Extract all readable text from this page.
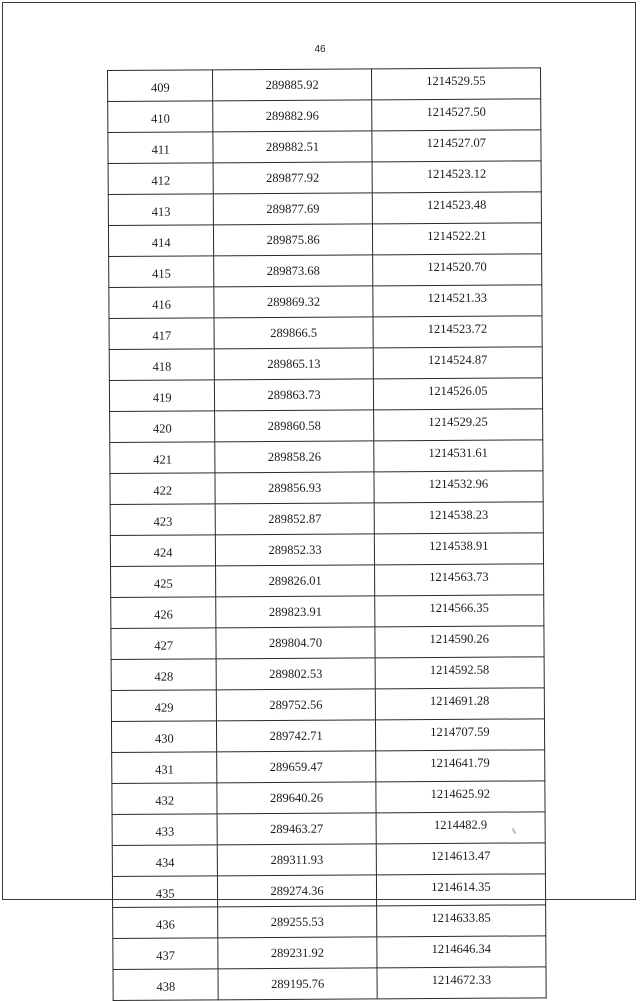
46
409	289885.92	1214529.55
410	289882.96	1214527.50
411	289882.51	1214527.07
412	289877.92	1214523.12
413	289877.69	1214523.48
414	289875.86	1214522.21
415	289873.68	1214520.70
416	289869.32	1214521.33
417	289866.5	1214523.72
418	289865.13	1214524.87
419	289863.73	1214526.05
420	289860.58	1214529.25
421	289858.26	1214531.61
422	289856.93	1214532.96
423	289852.87	1214538.23
424	289852.33	1214538.91
425	289826.01	1214563.73
426	289823.91	1214566.35
427	289804.70	1214590.26
428	289802.53	1214592.58
429	289752.56	1214691.28
430	289742.71	1214707.59
431	289659.47	1214641.79
432	289640.26	1214625.92
433	289463.27	1214482.9
434	289311.93	1214613.47
435	289274.36	1214614.35
436	289255.53	1214633.85
437	289231.92	1214646.34
438	289195.76	1214672.33
